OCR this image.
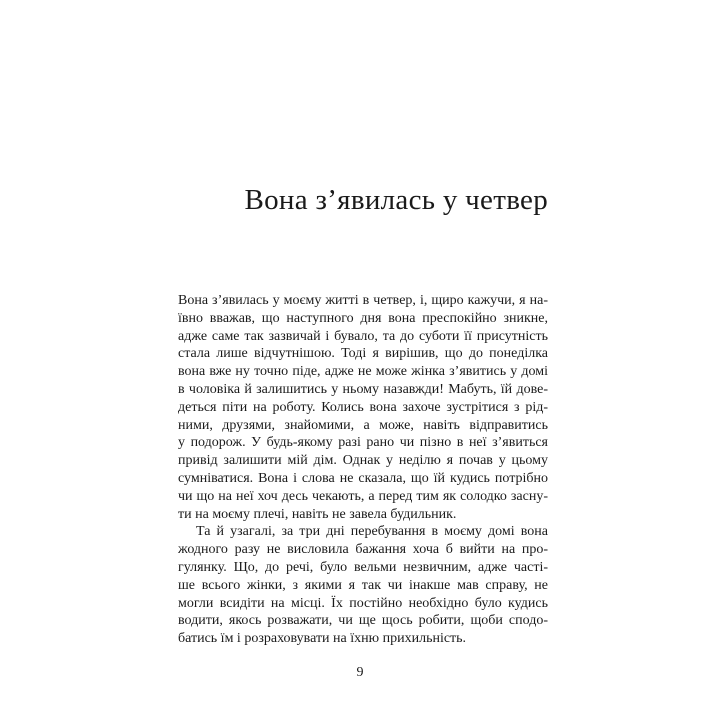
Вона з’явилась у четвер
Вона з’явилась у моєму житті в четвер, і, щиро кажучи, я на-
ївно вважав, що наступного дня вона преспокійно зникне,
адже саме так зазвичай і бувало, та до суботи її присутність
стала лише відчутнішою. Тоді я вирішив, що до понеділка
вона вже ну точно піде, адже не може жінка з’явитись у домі
в чоловіка й залишитись у ньому назавжди! Мабуть, їй дове-
деться піти на роботу. Колись вона захоче зустрітися з рід-
ними, друзями, знайомими, а може, навіть відправитись
у подорож. У будь-якому разі рано чи пізно в неї з’явиться
привід залишити мій дім. Однак у неділю я почав у цьому
сумніватися. Вона і слова не сказала, що їй кудись потрібно
чи що на неї хоч десь чекають, а перед тим як солодко засну-
ти на моєму плечі, навіть не завела будильник.
Та й узагалі, за три дні перебування в моєму домі вона
жодного разу не висловила бажання хоча б вийти на про-
гулянку. Що, до речі, було вельми незвичним, адже часті-
ше всього жінки, з якими я так чи інакше мав справу, не
могли всидіти на місці. Їх постійно необхідно було кудись
водити, якось розважати, чи ще щось робити, щоби сподо-
батись їм і розраховувати на їхню прихильність.
9
